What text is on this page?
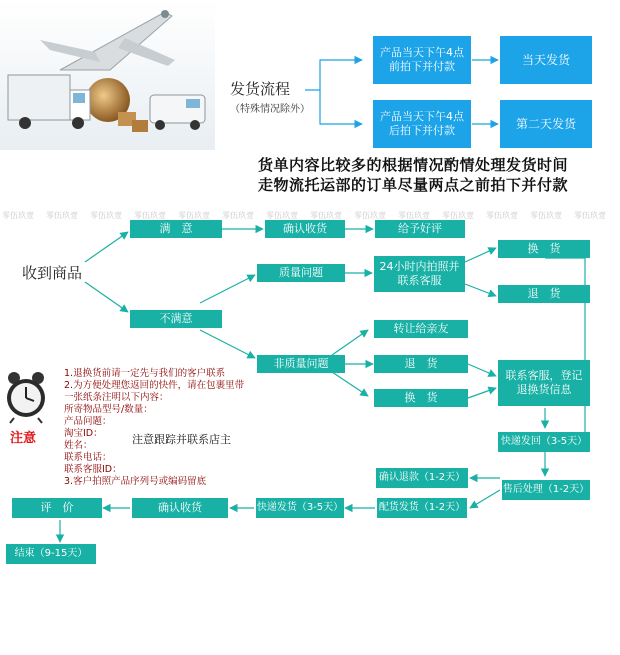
发货流程
（特殊情况除外）
产品当天下午4点前拍下并付款	当天发货
产品当天下午4点后拍下并付款	第二天发货
货单内容比较多的根据情况酌情处理发货时间
走物流托运部的订单尽量两点之前拍下并付款
零伍玖壹 零伍玖壹 零伍玖壹 零伍玖壹 零伍玖壹 零伍玖壹 零伍玖壹 零伍玖壹 零伍玖壹 零伍玖壹 零伍玖壹 零伍玖壹 零伍玖壹 零伍玖壹
收到商品
满　意	确认收货	给予好评
质量问题	24小时内拍照并联系客服
换　货
退　货
不满意
转让给亲友
非质量问题	退　货
换　货
联系客服，登记退换货信息
快递发回（3-5天）
确认退款（1-2天）
售后处理（1-2天）
评　价	确认收货	快递发货（3-5天）	配货发货（1-2天）
结束（9-15天）
注意
1.退换货前请一定先与我们的客户联系
2.为方便处理您返回的快件，请在包裹里带
一张纸条注明以下内容：
所寄物品型号/数量：
产品问题：
淘宝ID：
姓名：
联系电话：
联系客服ID：
3.客户拍照产品序列号或编码留底
注意跟踪并联系店主
